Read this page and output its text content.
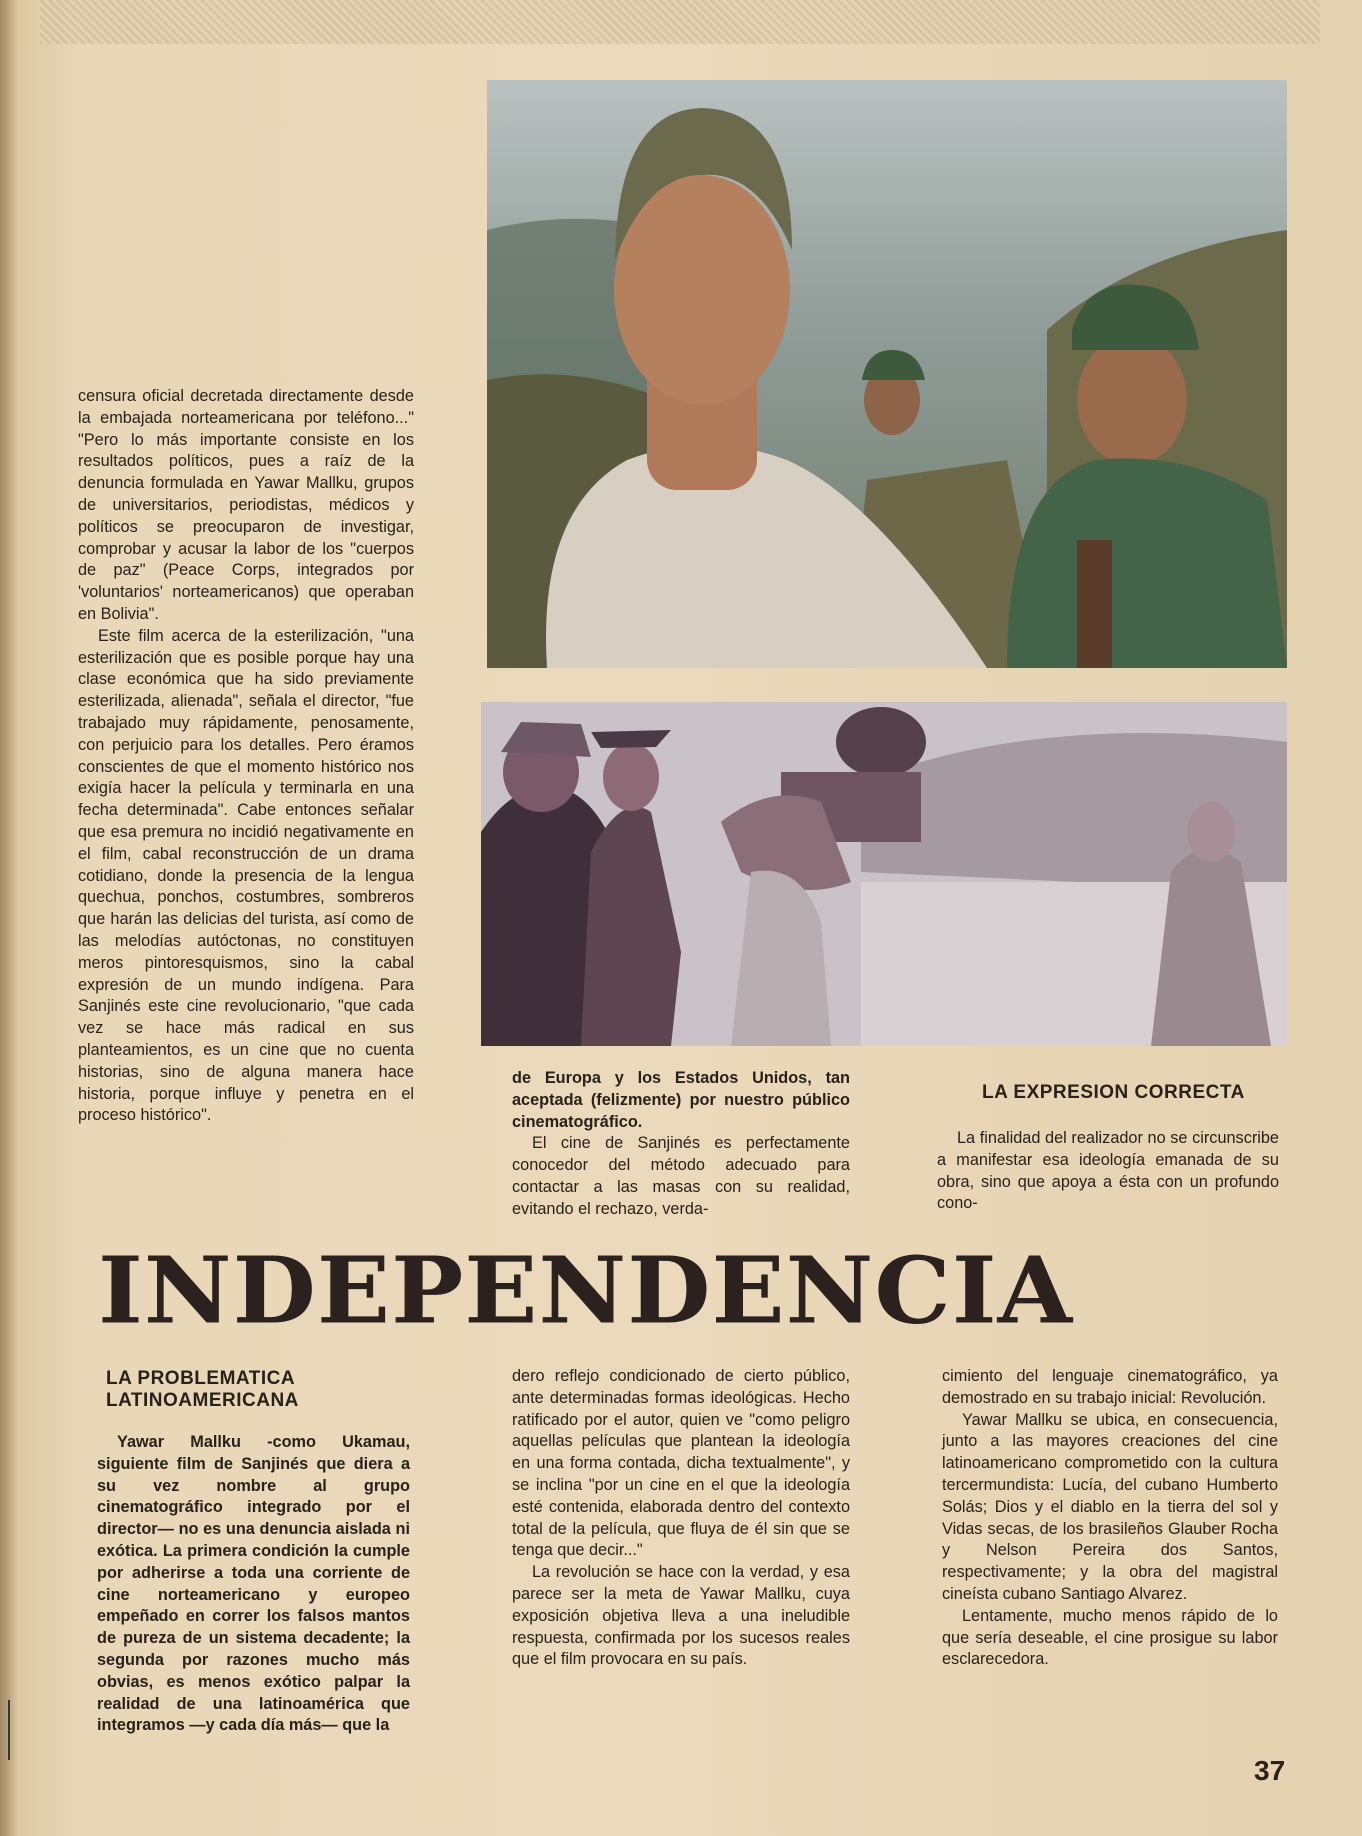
censura oficial decretada directamente desde la embajada norteamericana por teléfono..." "Pero lo más importante consiste en los resultados políticos, pues a raíz de la denuncia formulada en Yawar Mallku, grupos de universitarios, periodistas, médicos y políticos se preocuparon de investigar, comprobar y acusar la labor de los "cuerpos de paz" (Peace Corps, integrados por 'voluntarios' norteamericanos) que operaban en Bolivia".

Este film acerca de la esterilización, "una esterilización que es posible porque hay una clase económica que ha sido previamente esterilizada, alienada", señala el director, "fue trabajado muy rápidamente, penosamente, con perjuicio para los detalles. Pero éramos conscientes de que el momento histórico nos exigía hacer la película y terminarla en una fecha determinada". Cabe entonces señalar que esa premura no incidió negativamente en el film, cabal reconstrucción de un drama cotidiano, donde la presencia de la lengua quechua, ponchos, costumbres, sombreros que harán las delicias del turista, así como de las melodías autóctonas, no constituyen meros pintoresquismos, sino la cabal expresión de un mundo indígena. Para Sanjinés este cine revolucionario, "que cada vez se hace más radical en sus planteamientos, es un cine que no cuenta historias, sino de alguna manera hace historia, porque influye y penetra en el proceso histórico".

de Europa y los Estados Unidos, tan aceptada (felizmente) por nuestro público cinematográfico.

El cine de Sanjinés es perfectamente conocedor del método adecuado para contactar a las masas con su realidad, evitando el rechazo, verda-

LA EXPRESION CORRECTA

La finalidad del realizador no se circunscribe a manifestar esa ideología emanada de su obra, sino que apoya a ésta con un profundo cono-

INDEPENDENCIA
LA PROBLEMATICA
LATINOAMERICANA

Yawar Mallku -como Ukamau, siguiente film de Sanjinés que diera a su vez nombre al grupo cinematográfico integrado por el director— no es una denuncia aislada ni exótica. La primera condición la cumple por adherirse a toda una corriente de cine norteamericano y europeo empeñado en correr los falsos mantos de pureza de un sistema decadente; la segunda por razones mucho más obvias, es menos exótico palpar la realidad de una latinoamérica que integramos —y cada día más— que la

dero reflejo condicionado de cierto público, ante determinadas formas ideológicas. Hecho ratificado por el autor, quien ve "como peligro aquellas películas que plantean la ideología en una forma contada, dicha textualmente", y se inclina "por un cine en el que la ideología esté contenida, elaborada dentro del contexto total de la película, que fluya de él sin que se tenga que decir..."

La revolución se hace con la verdad, y esa parece ser la meta de Yawar Mallku, cuya exposición objetiva lleva a una ineludible respuesta, confirmada por los sucesos reales que el film provocara en su país.

cimiento del lenguaje cinematográfico, ya demostrado en su trabajo inicial: Revolución.

Yawar Mallku se ubica, en consecuencia, junto a las mayores creaciones del cine latinoamericano comprometido con la cultura tercermundista: Lucía, del cubano Humberto Solás; Dios y el diablo en la tierra del sol y Vidas secas, de los brasileños Glauber Rocha y Nelson Pereira dos Santos, respectivamente; y la obra del magistral cineísta cubano Santiago Alvarez.

Lentamente, mucho menos rápido de lo que sería deseable, el cine prosigue su labor esclarecedora.

37
